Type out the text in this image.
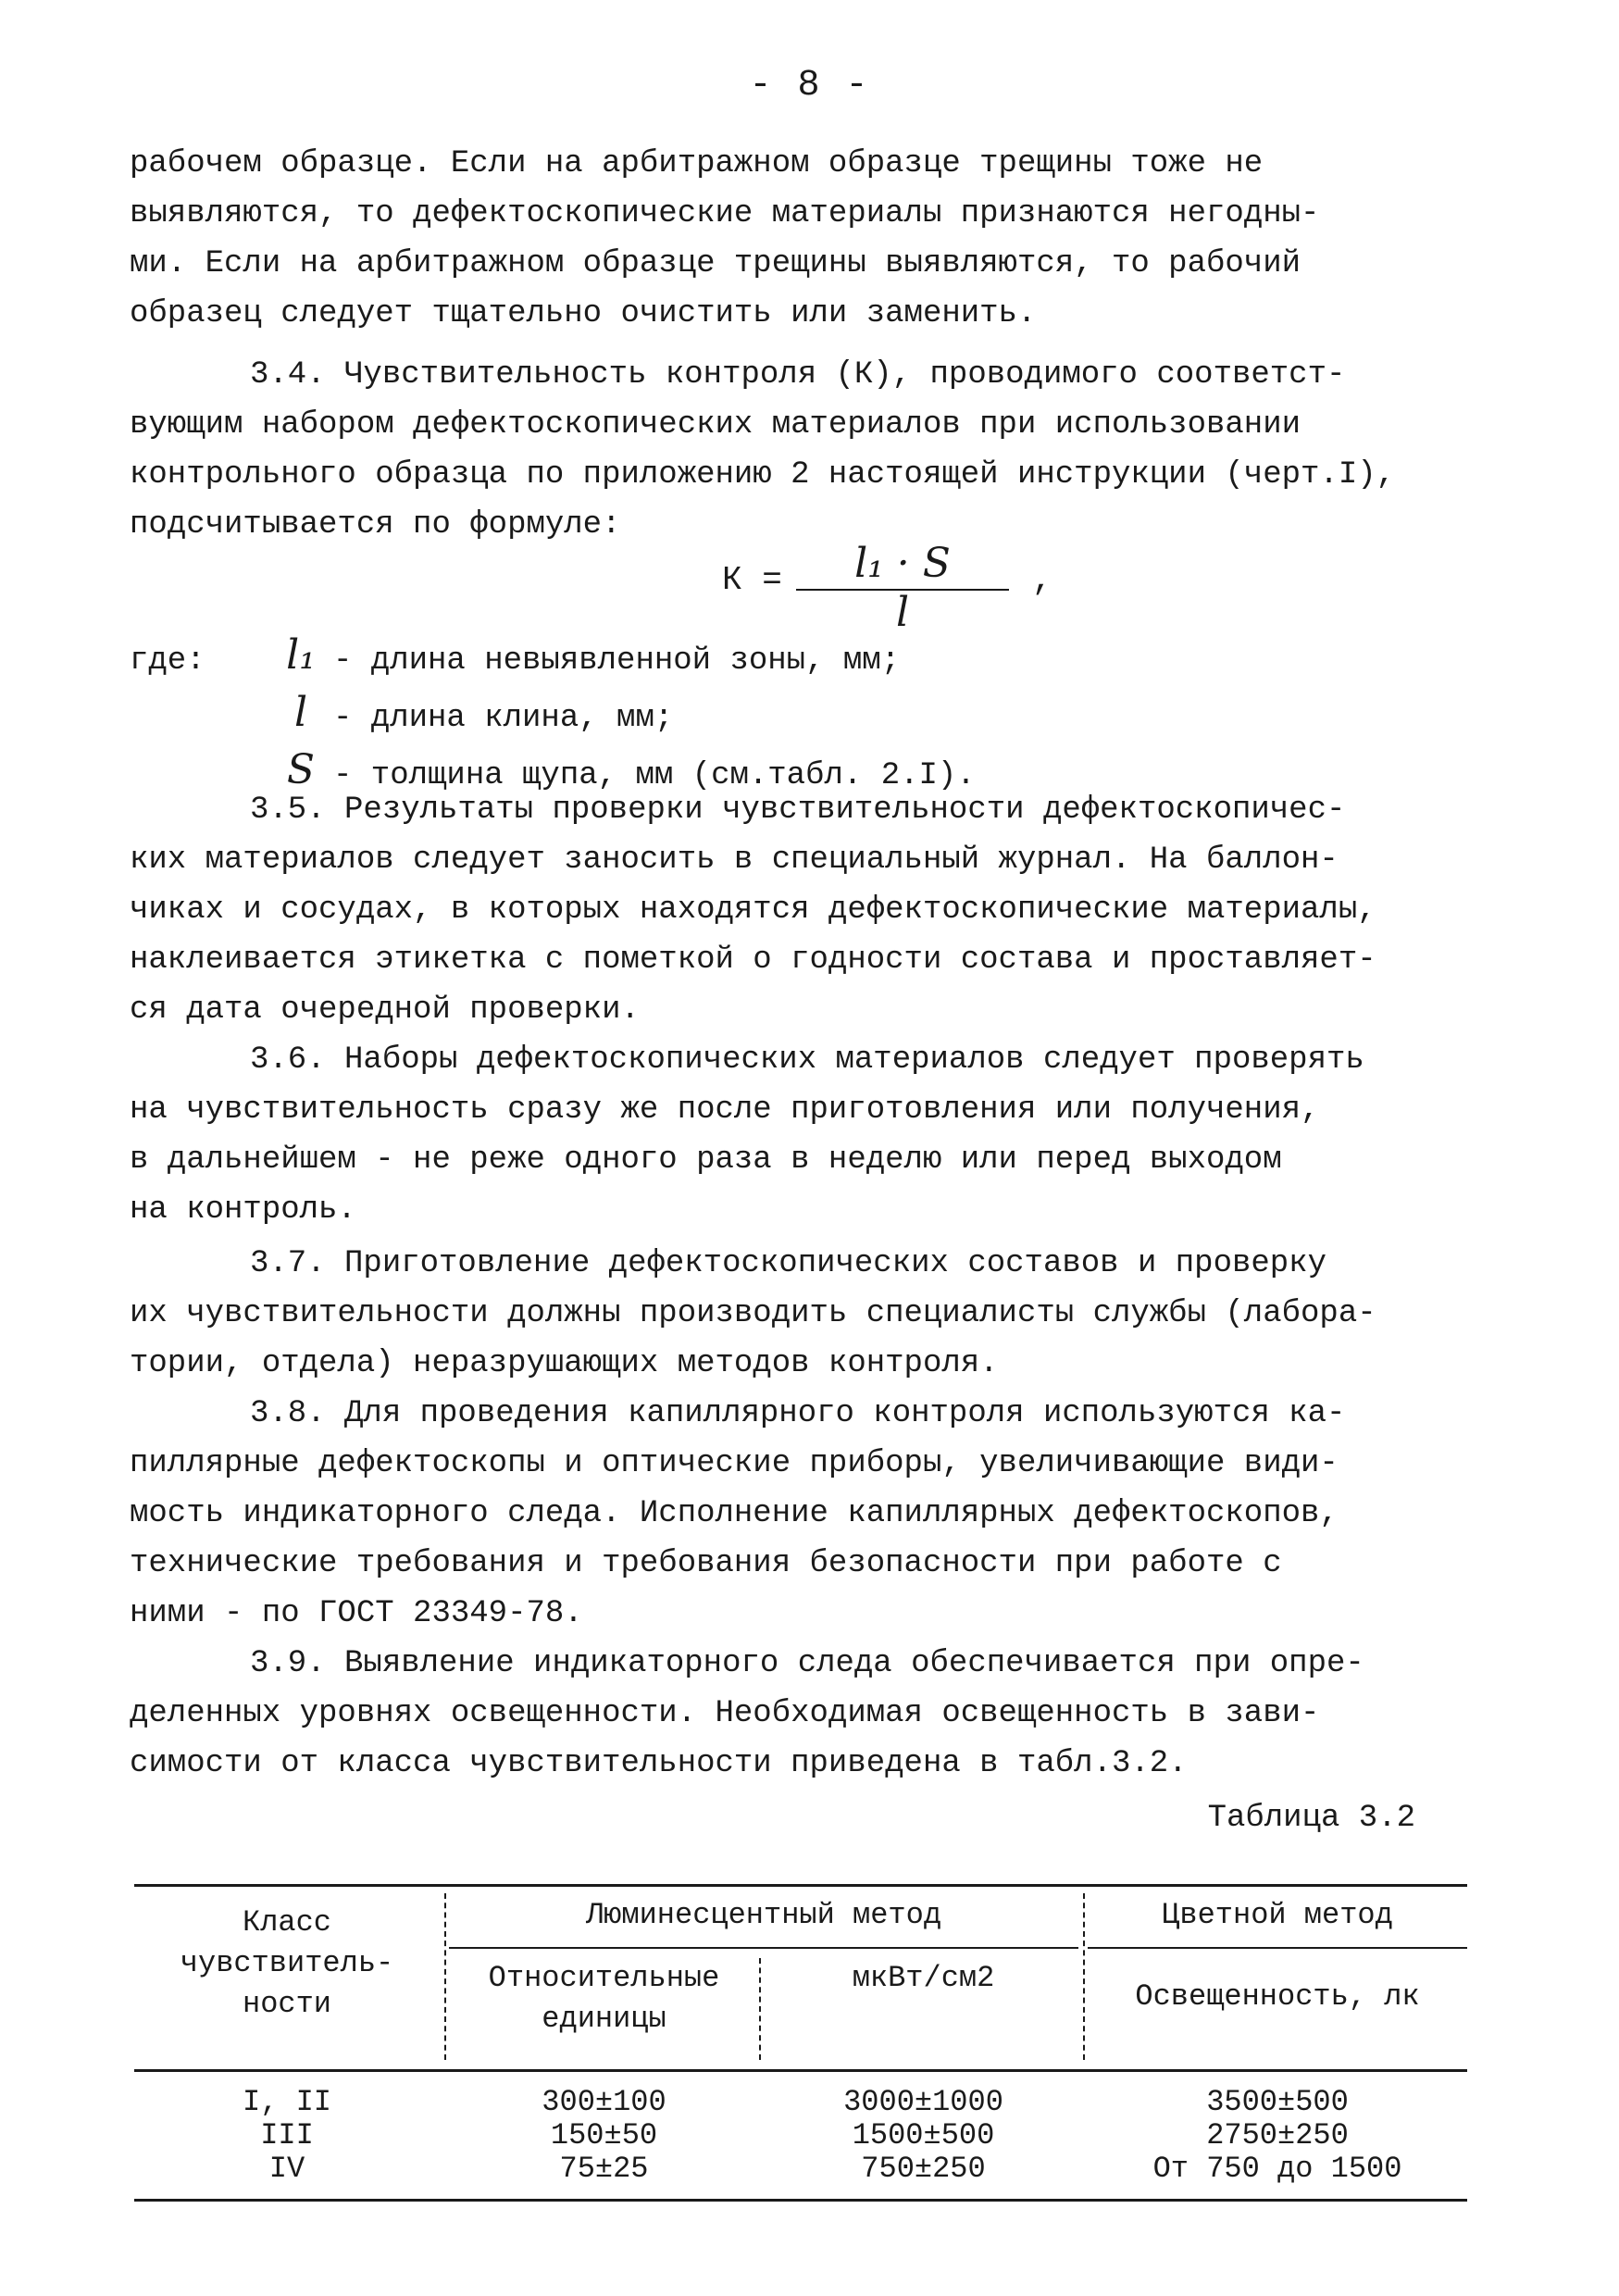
- 8 -
рабочем образце. Если на арбитражном образце трещины тоже не
выявляются, то дефектоскопические материалы признаются негодны-
ми. Если на арбитражном образце трещины выявляются, то рабочий
образец следует тщательно очистить или заменить.
3.4. Чувствительность контроля (К), проводимого соответст-
вующим набором дефектоскопических материалов при использовании
контрольного образца по приложению 2 настоящей инструкции (черт.I),
подсчитывается по формуле:
К =	l₁ · S
l
,
где:	l₁ - длина невыявленной зоны, мм;
l - длина клина, мм;
S - толщина щупа, мм (см.табл. 2.I).
3.5. Результаты проверки чувствительности дефектоскопичес-
ких материалов следует заносить в специальный журнал. На баллон-
чиках и сосудах, в которых находятся дефектоскопические материалы,
наклеивается этикетка с пометкой о годности состава и проставляет-
ся дата очередной проверки.
3.6. Наборы дефектоскопических материалов следует проверять
на чувствительность сразу же после приготовления или получения,
в дальнейшем - не реже одного раза в неделю или перед выходом
на контроль.
3.7. Приготовление дефектоскопических составов и проверку
их чувствительности должны производить специалисты службы (лабора-
тории, отдела) неразрушающих методов контроля.
3.8. Для проведения капиллярного контроля используются ка-
пиллярные дефектоскопы и оптические приборы, увеличивающие види-
мость индикаторного следа. Исполнение капиллярных дефектоскопов,
технические требования и требования безопасности при работе с
ними - по ГОСТ 23349-78.
3.9. Выявление индикаторного следа обеспечивается при опре-
деленных уровнях освещенности. Необходимая освещенность в зави-
симости от класса чувствительности приведена в табл.3.2.
Таблица 3.2
Класс
чувствитель-
ности
Люминесцентный метод
Относительные
единицы
мкВт/см2
Цветной метод
Освещенность, лк
I, II
III
IV
300±100
150±50
75±25
3000±1000
1500±500
750±250
3500±500
2750±250
От 750 до 1500
